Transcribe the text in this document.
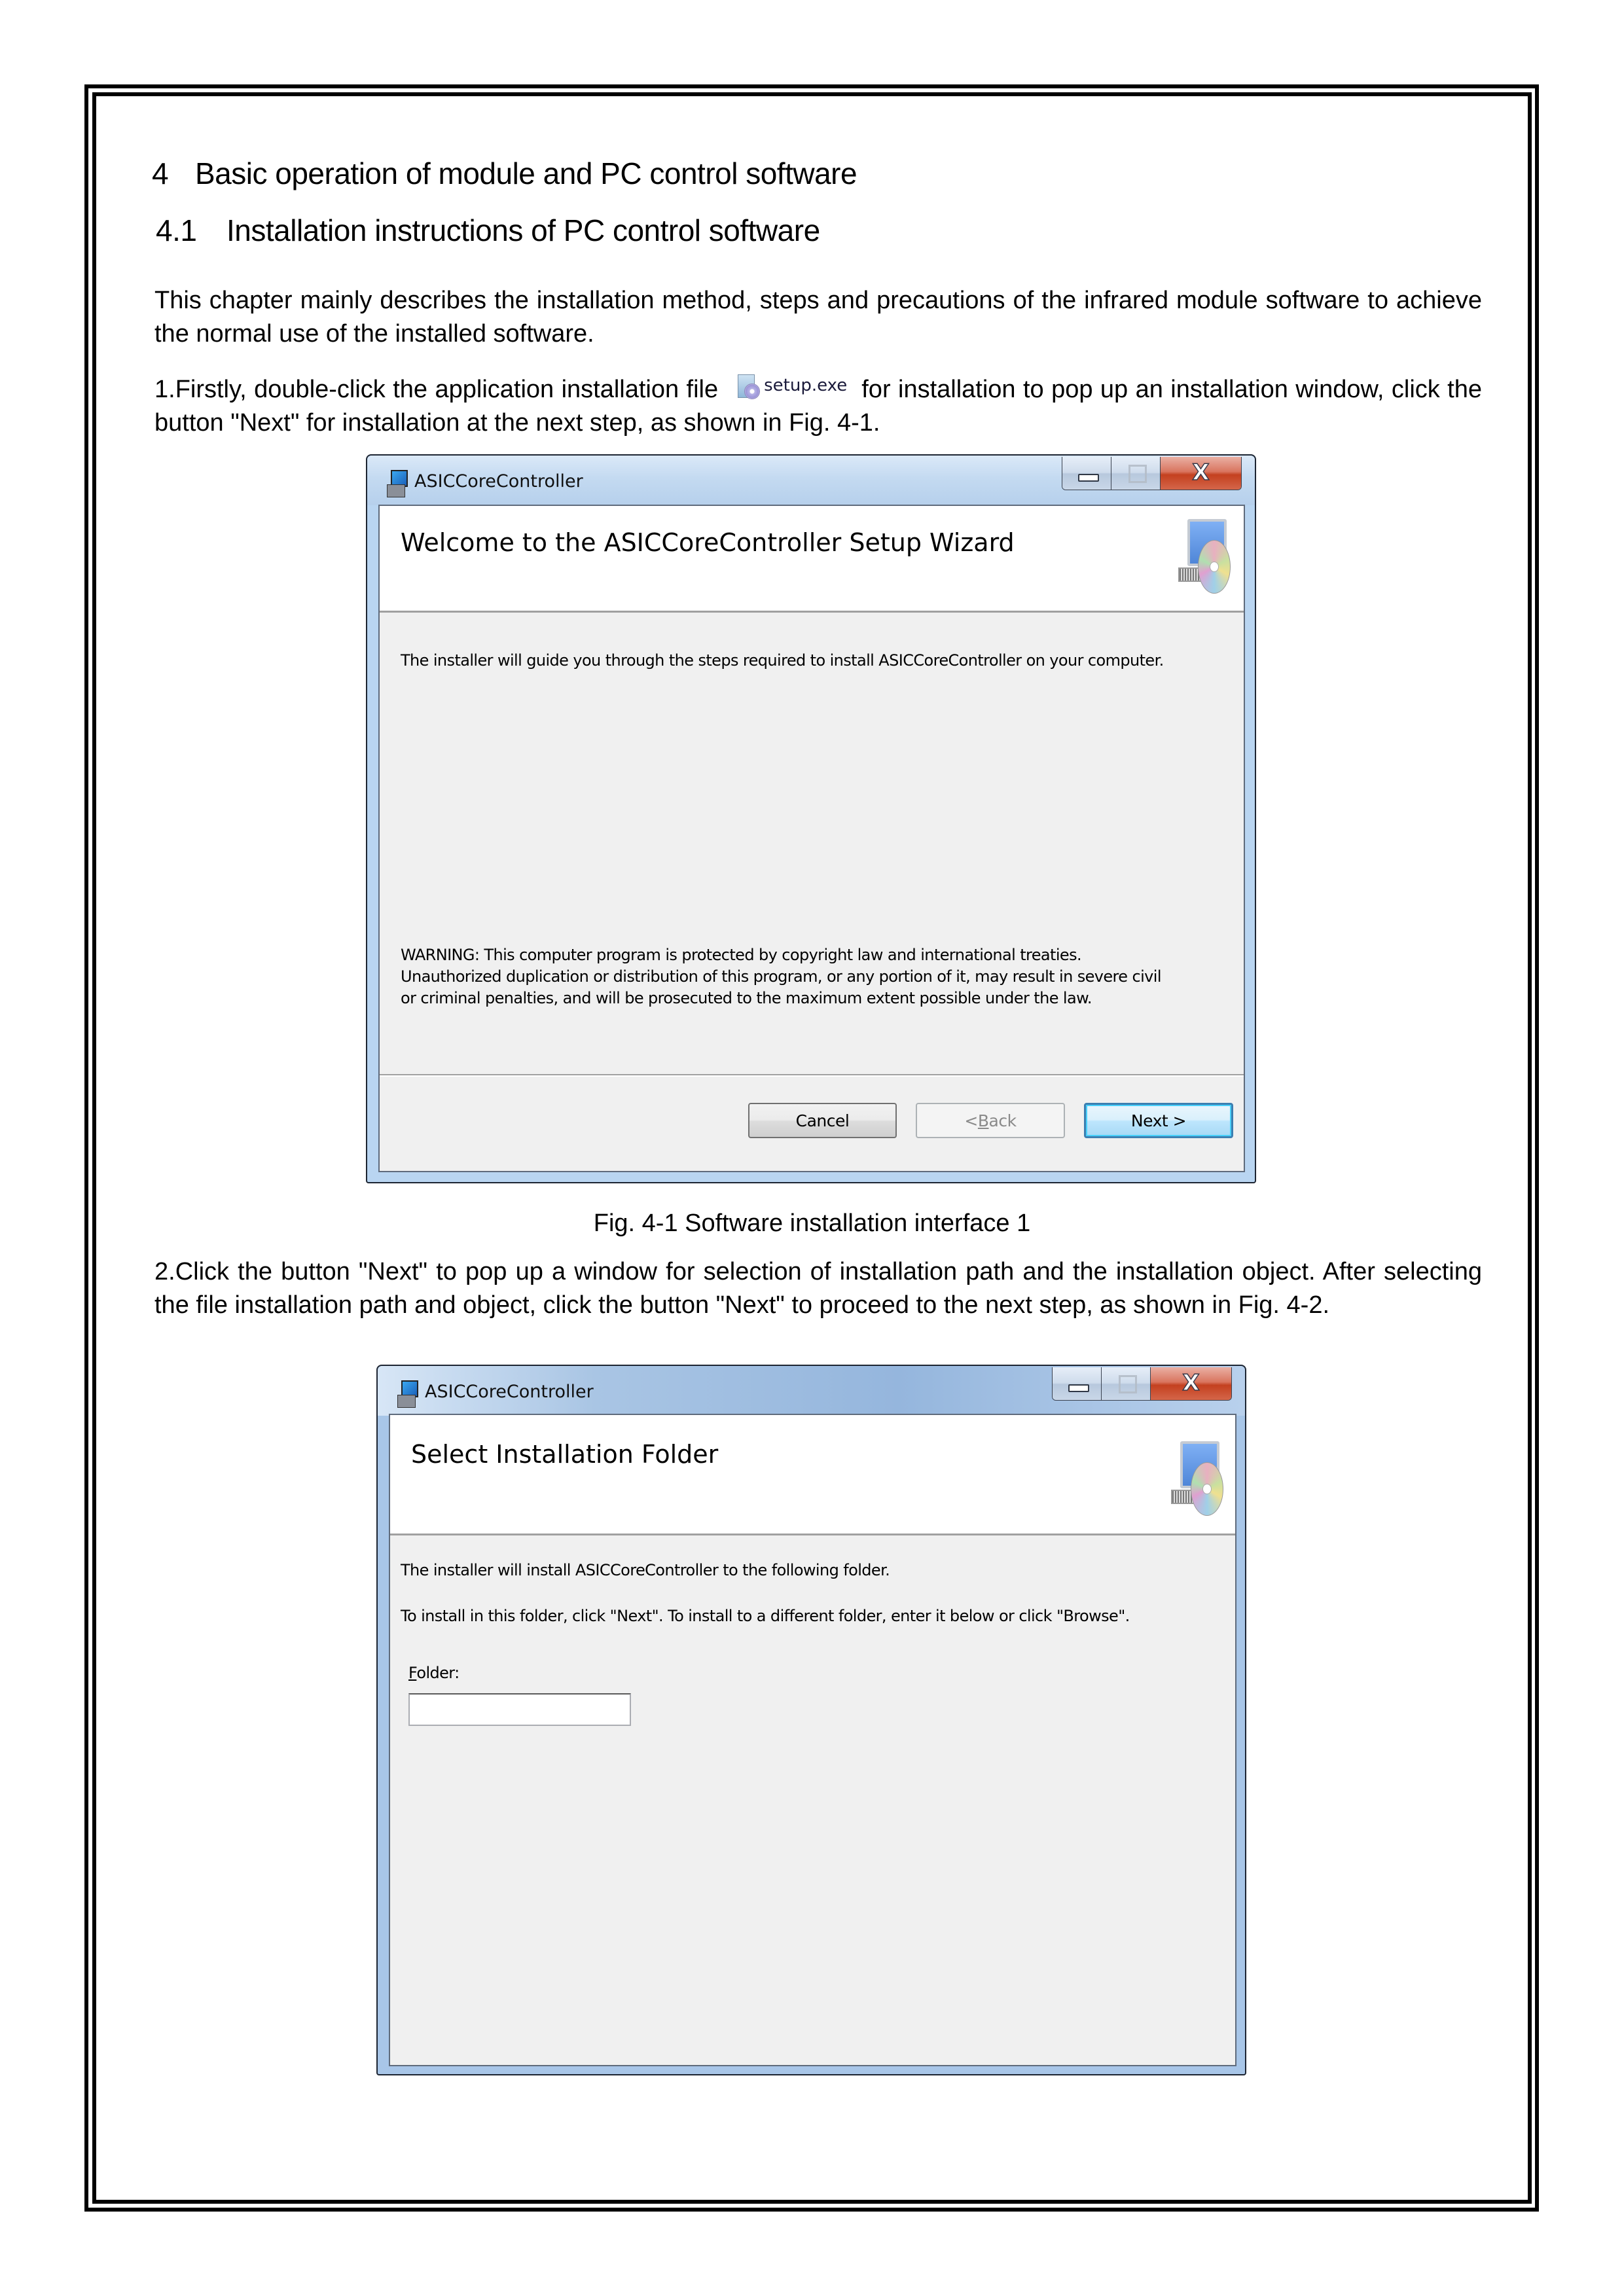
4 Basic operation of module and PC control software
4.1 Installation instructions of PC control software
This chapter mainly describes the installation method, steps and precautions of the infrared module software to achieve the normal use of the installed software.
1.Firstly, double-click the application installation file	setup.exe for installation to pop up an installation window, click the button "Next" for installation at the next step, as shown in Fig. 4-1.
ASICCoreController	X
Welcome to the ASICCoreController Setup Wizard
The installer will guide you through the steps required to install ASICCoreController on your computer.
WARNING: This computer program is protected by copyright law and international treaties.
Unauthorized duplication or distribution of this program, or any portion of it, may result in severe civil
or criminal penalties, and will be prosecuted to the maximum extent possible under the law.
Cancel	< B ack	Next >
Fig. 4-1 Software installation interface 1
2.Click the button "Next" to pop up a window for selection of installation path and the installation object. After selecting the file installation path and object, click the button "Next" to proceed to the next step, as shown in Fig. 4-2.
ASICCoreController	X
Select Installation Folder
The installer will install ASICCoreController to the following folder.
To install in this folder, click "Next". To install to a different folder, enter it below or click "Browse".
Folder:
